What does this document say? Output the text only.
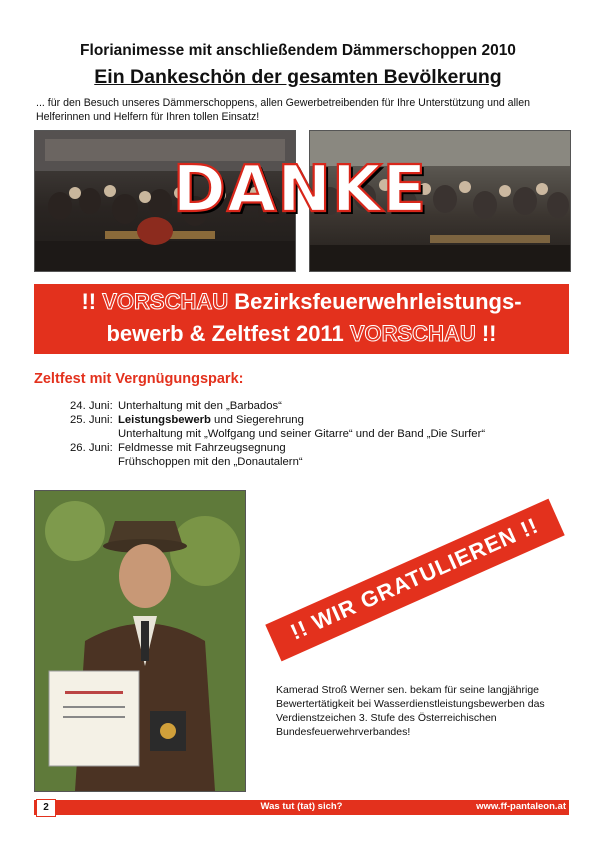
Florianimesse mit anschließendem Dämmerschoppen 2010
Ein Dankeschön der gesamten Bevölkerung
... für den Besuch unseres Dämmerschoppens, allen Gewerbetreibenden für Ihre Unterstützung und allen Helferinnen und Helfern für Ihren tollen Einsatz!
DANKE
!! VORSCHAU Bezirksfeuerwehrleistungs-
bewerb & Zeltfest 2011 VORSCHAU !!
Zeltfest mit Vergnügungspark:
24. Juni: Unterhaltung mit den „Barbados“
25. Juni: Leistungsbewerb und Siegerehrung
Unterhaltung mit „Wolfgang und seiner Gitarre“ und der Band „Die Surfer“
26. Juni: Feldmesse mit Fahrzeugsegnung
Frühschoppen mit den „Donautalern“
!! WIR GRATULIEREN !!
Kamerad Stroß Werner sen. bekam für seine langjährige Bewertertätigkeit bei Wasserdienstleistungsbewerben das Verdienstzeichen 3. Stufe des Österreichischen Bundesfeuerwehrverbandes!
2	Was tut (tat) sich?	www.ff-pantaleon.at
